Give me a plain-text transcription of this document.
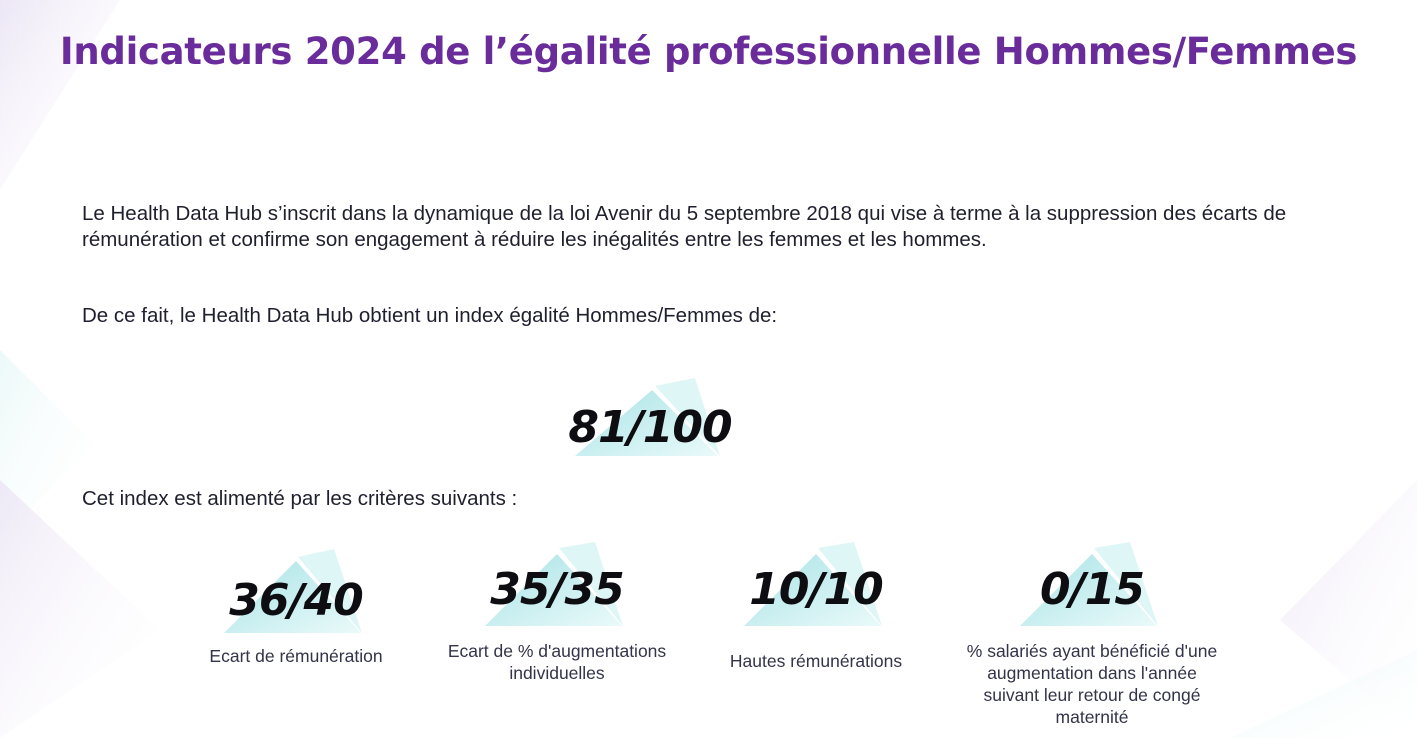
Indicateurs 2024 de l’égalité professionnelle Hommes/Femmes

Le Health Data Hub s’inscrit dans la dynamique de la loi Avenir du 5 septembre 2018 qui vise à terme à la suppression des écarts de rémunération et confirme son engagement à réduire les inégalités entre les femmes et les hommes.

De ce fait, le Health Data Hub obtient un index égalité Hommes/Femmes de:

81/100

Cet index est alimenté par les critères suivants :

36/40

Ecart de rémunération

35/35

Ecart de % d'augmentations individuelles

10/10

Hautes rémunérations

0/15

% salariés ayant bénéficié d'une augmentation dans l'année suivant leur retour de congé maternité
